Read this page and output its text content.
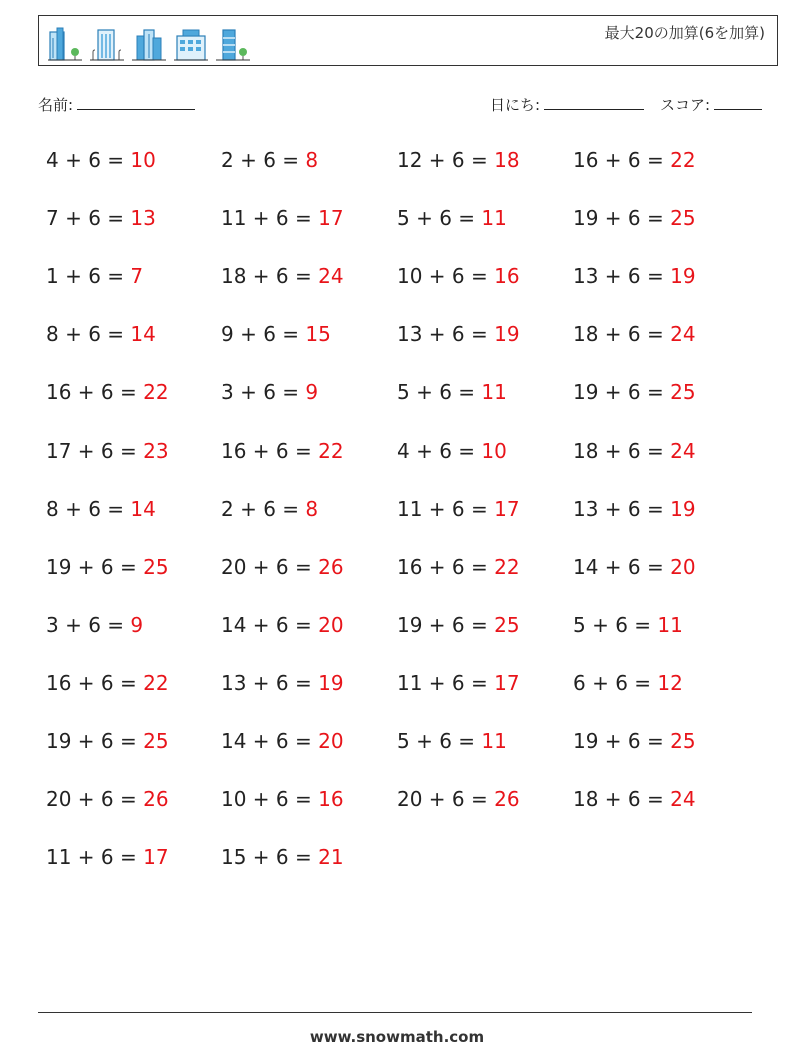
最大20の加算(6を加算)
名前:	日にち:	スコア:
4 + 6 = 10
7 + 6 = 13
1 + 6 = 7
8 + 6 = 14
16 + 6 = 22
17 + 6 = 23
8 + 6 = 14
19 + 6 = 25
3 + 6 = 9
16 + 6 = 22
19 + 6 = 25
20 + 6 = 26
11 + 6 = 17
2 + 6 = 8
11 + 6 = 17
18 + 6 = 24
9 + 6 = 15
3 + 6 = 9
16 + 6 = 22
2 + 6 = 8
20 + 6 = 26
14 + 6 = 20
13 + 6 = 19
14 + 6 = 20
10 + 6 = 16
15 + 6 = 21
12 + 6 = 18
5 + 6 = 11
10 + 6 = 16
13 + 6 = 19
5 + 6 = 11
4 + 6 = 10
11 + 6 = 17
16 + 6 = 22
19 + 6 = 25
11 + 6 = 17
5 + 6 = 11
20 + 6 = 26
16 + 6 = 22
19 + 6 = 25
13 + 6 = 19
18 + 6 = 24
19 + 6 = 25
18 + 6 = 24
13 + 6 = 19
14 + 6 = 20
5 + 6 = 11
6 + 6 = 12
19 + 6 = 25
18 + 6 = 24
www.snowmath.com
